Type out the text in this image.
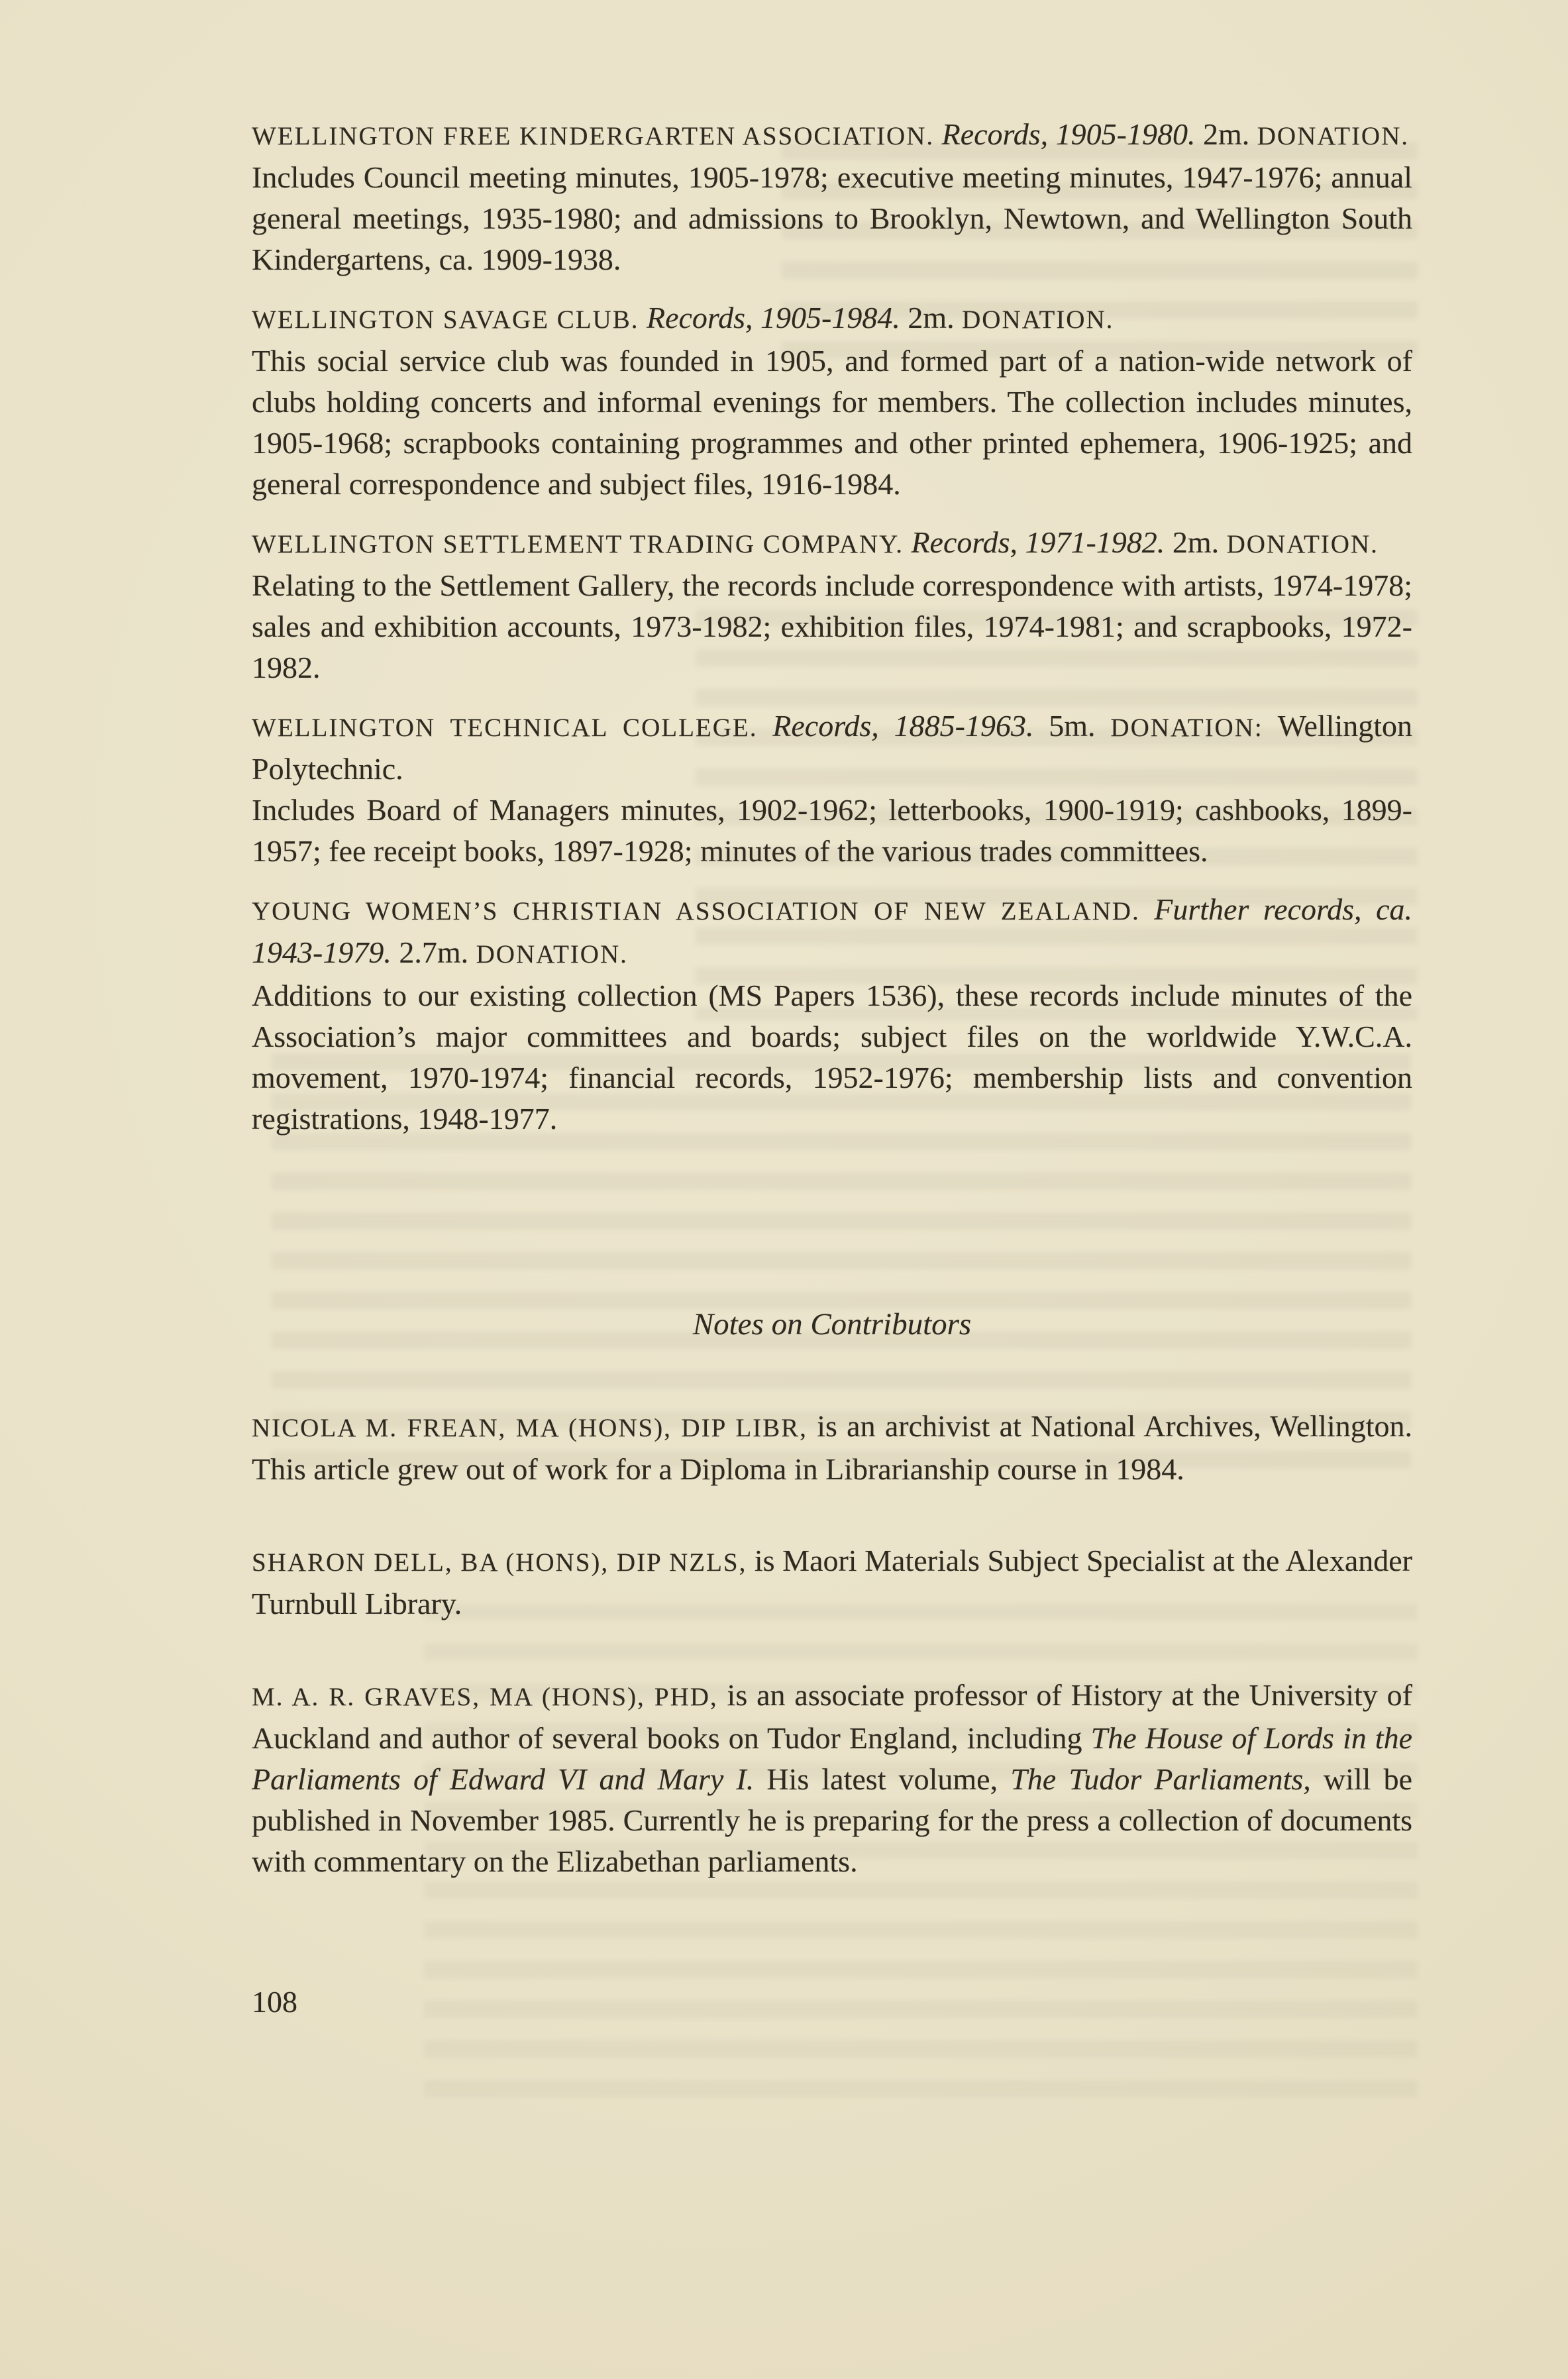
WELLINGTON FREE KINDERGARTEN ASSOCIATION. Records, 1905-1980. 2m. DONATION.

Includes Council meeting minutes, 1905-1978; executive meeting minutes, 1947-1976; annual general meetings, 1935-1980; and admissions to Brooklyn, Newtown, and Wellington South Kindergartens, ca. 1909-1938.

WELLINGTON SAVAGE CLUB. Records, 1905-1984. 2m. DONATION.

This social service club was founded in 1905, and formed part of a nation-wide network of clubs holding concerts and informal evenings for members. The collection includes minutes, 1905-1968; scrapbooks containing programmes and other printed ephemera, 1906-1925; and general correspondence and subject files, 1916-1984.

WELLINGTON SETTLEMENT TRADING COMPANY. Records, 1971-1982. 2m. DONATION.

Relating to the Settlement Gallery, the records include correspondence with artists, 1974-1978; sales and exhibition accounts, 1973-1982; exhibition files, 1974-1981; and scrapbooks, 1972-1982.

WELLINGTON TECHNICAL COLLEGE. Records, 1885-1963. 5m. DONATION: Wellington Polytechnic.

Includes Board of Managers minutes, 1902-1962; letterbooks, 1900-1919; cashbooks, 1899-1957; fee receipt books, 1897-1928; minutes of the various trades committees.

YOUNG WOMEN’S CHRISTIAN ASSOCIATION OF NEW ZEALAND. Further records, ca. 1943-1979. 2.7m. DONATION.

Additions to our existing collection (MS Papers 1536), these records include minutes of the Association’s major committees and boards; subject files on the worldwide Y.W.C.A. movement, 1970-1974; financial records, 1952-1976; membership lists and convention registrations, 1948-1977.

Notes on Contributors

NICOLA M. FREAN, MA (HONS), DIP LIBR, is an archivist at National Archives, Wellington. This article grew out of work for a Diploma in Librarianship course in 1984.

SHARON DELL, BA (HONS), DIP NZLS, is Maori Materials Subject Specialist at the Alexander Turnbull Library.

M. A. R. GRAVES, MA (HONS), PHD, is an associate professor of History at the University of Auckland and author of several books on Tudor England, including The House of Lords in the Parliaments of Edward VI and Mary I. His latest volume, The Tudor Parliaments, will be published in November 1985. Currently he is preparing for the press a collection of documents with commentary on the Elizabethan parliaments.

108
